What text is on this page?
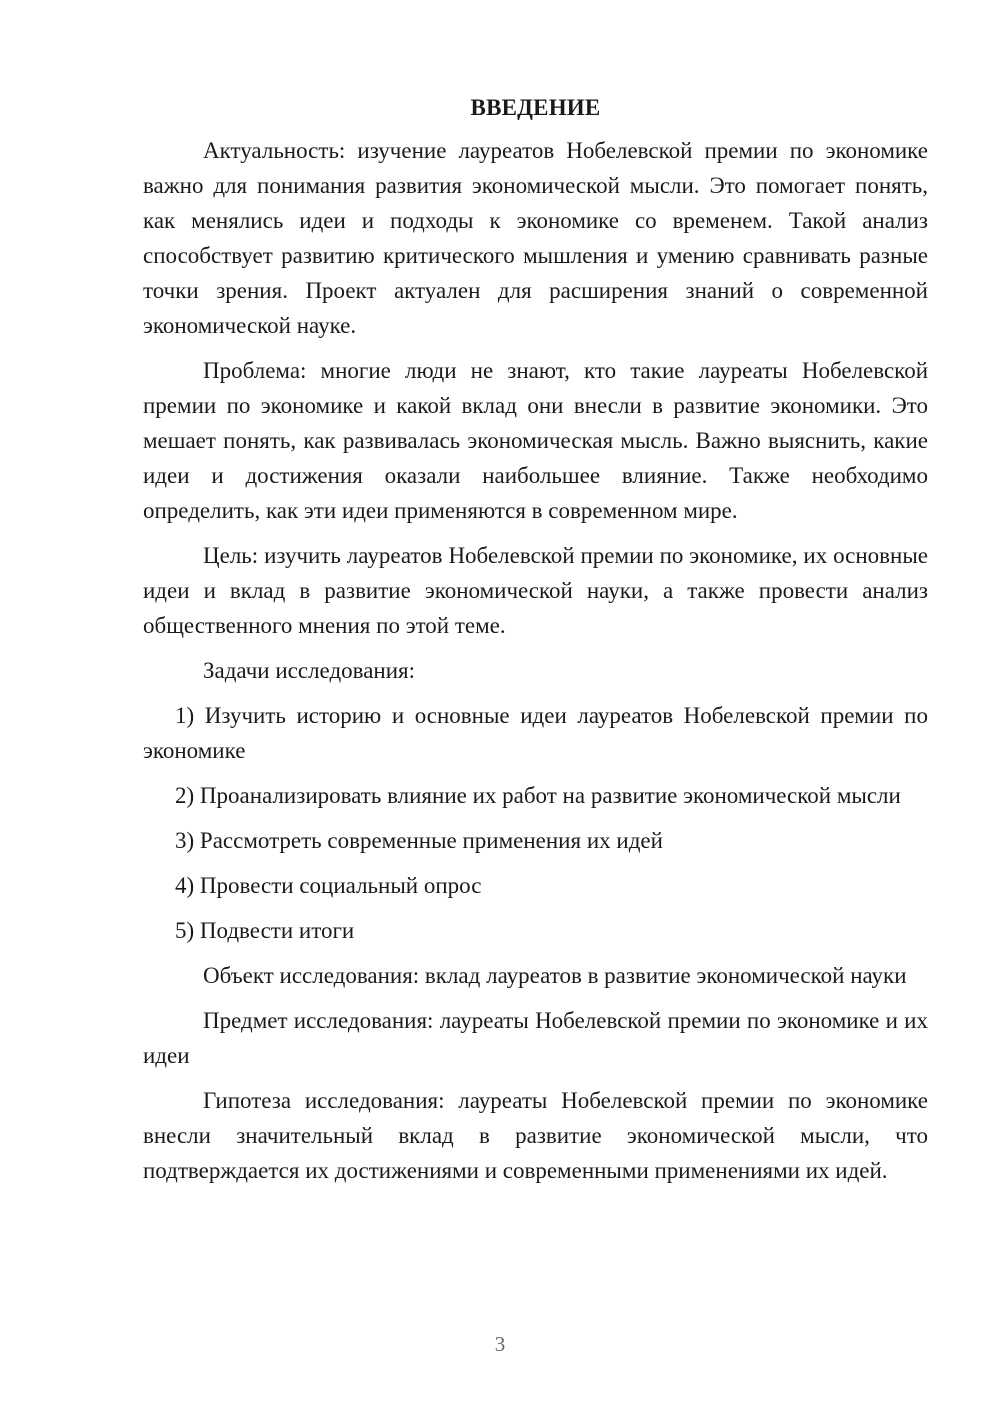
ВВЕДЕНИЕ

Актуальность: изучение лауреатов Нобелевской премии по экономике важно для понимания развития экономической мысли. Это помогает понять, как менялись идеи и подходы к экономике со временем. Такой анализ способствует развитию критического мышления и умению сравнивать разные точки зрения. Проект актуален для расширения знаний о современной экономической науке.

Проблема: многие люди не знают, кто такие лауреаты Нобелевской премии по экономике и какой вклад они внесли в развитие экономики. Это мешает понять, как развивалась экономическая мысль. Важно выяснить, какие идеи и достижения оказали наибольшее влияние. Также необходимо определить, как эти идеи применяются в современном мире.

Цель: изучить лауреатов Нобелевской премии по экономике, их основные идеи и вклад в развитие экономической науки, а также провести анализ общественного мнения по этой теме.

Задачи исследования:

1) Изучить историю и основные идеи лауреатов Нобелевской премии по экономике

2) Проанализировать влияние их работ на развитие экономической мысли

3) Рассмотреть современные применения их идей

4) Провести социальный опрос

5) Подвести итоги

Объект исследования: вклад лауреатов в развитие экономической науки

Предмет исследования: лауреаты Нобелевской премии по экономике и их идеи

Гипотеза исследования: лауреаты Нобелевской премии по экономике внесли значительный вклад в развитие экономической мысли, что подтверждается их достижениями и современными применениями их идей.

3
